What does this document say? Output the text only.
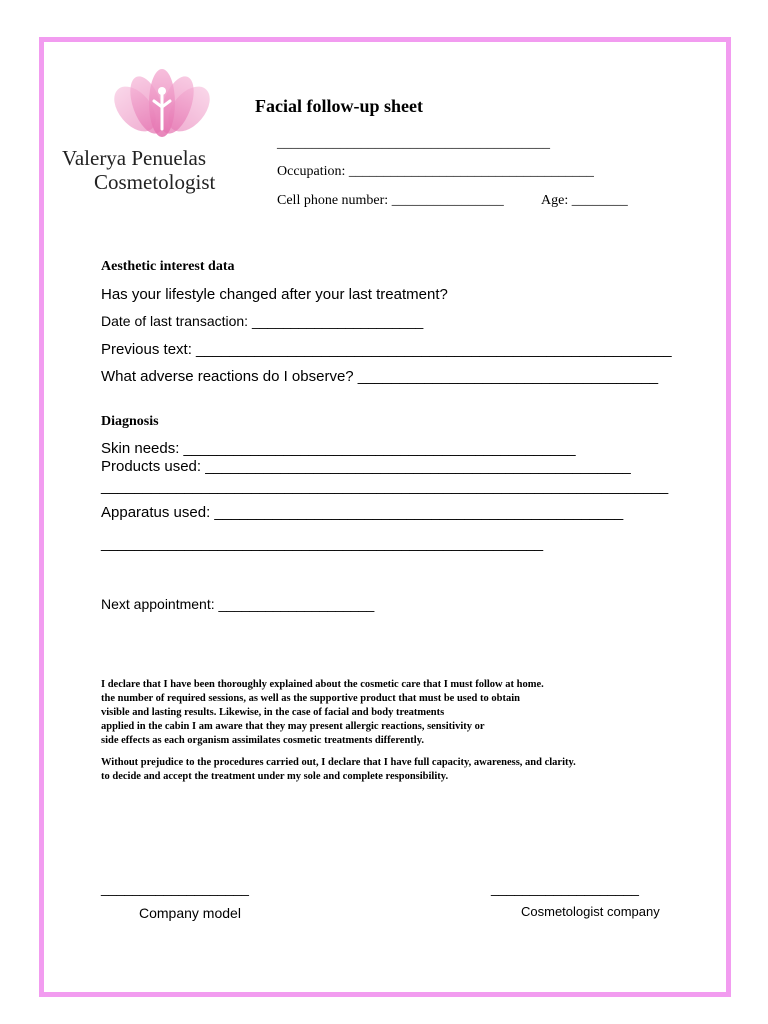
Valerya Penuelas
Cosmetologist
Facial follow-up sheet
_______________________________________
Occupation: ___________________________________
Cell phone number: ________________	Age: ________
Aesthetic interest data
Has your lifestyle changed after your last treatment?
Date of last transaction: ______________________
Previous text: _________________________________________________________
What adverse reactions do I observe? ____________________________________
Diagnosis
Skin needs: _______________________________________________
Products used: ___________________________________________________
____________________________________________________________________
Apparatus used: _________________________________________________
_____________________________________________________
Next appointment: ____________________
I declare that I have been thoroughly explained about the cosmetic care that I must follow at home.
the number of required sessions, as well as the supportive product that must be used to obtain
visible and lasting results. Likewise, in the case of facial and body treatments
applied in the cabin I am aware that they may present allergic reactions, sensitivity or
side effects as each organism assimilates cosmetic treatments differently.
Without prejudice to the procedures carried out, I declare that I have full capacity, awareness, and clarity.
to decide and accept the treatment under my sole and complete responsibility.
___________________
Company model
___________________
Cosmetologist company
